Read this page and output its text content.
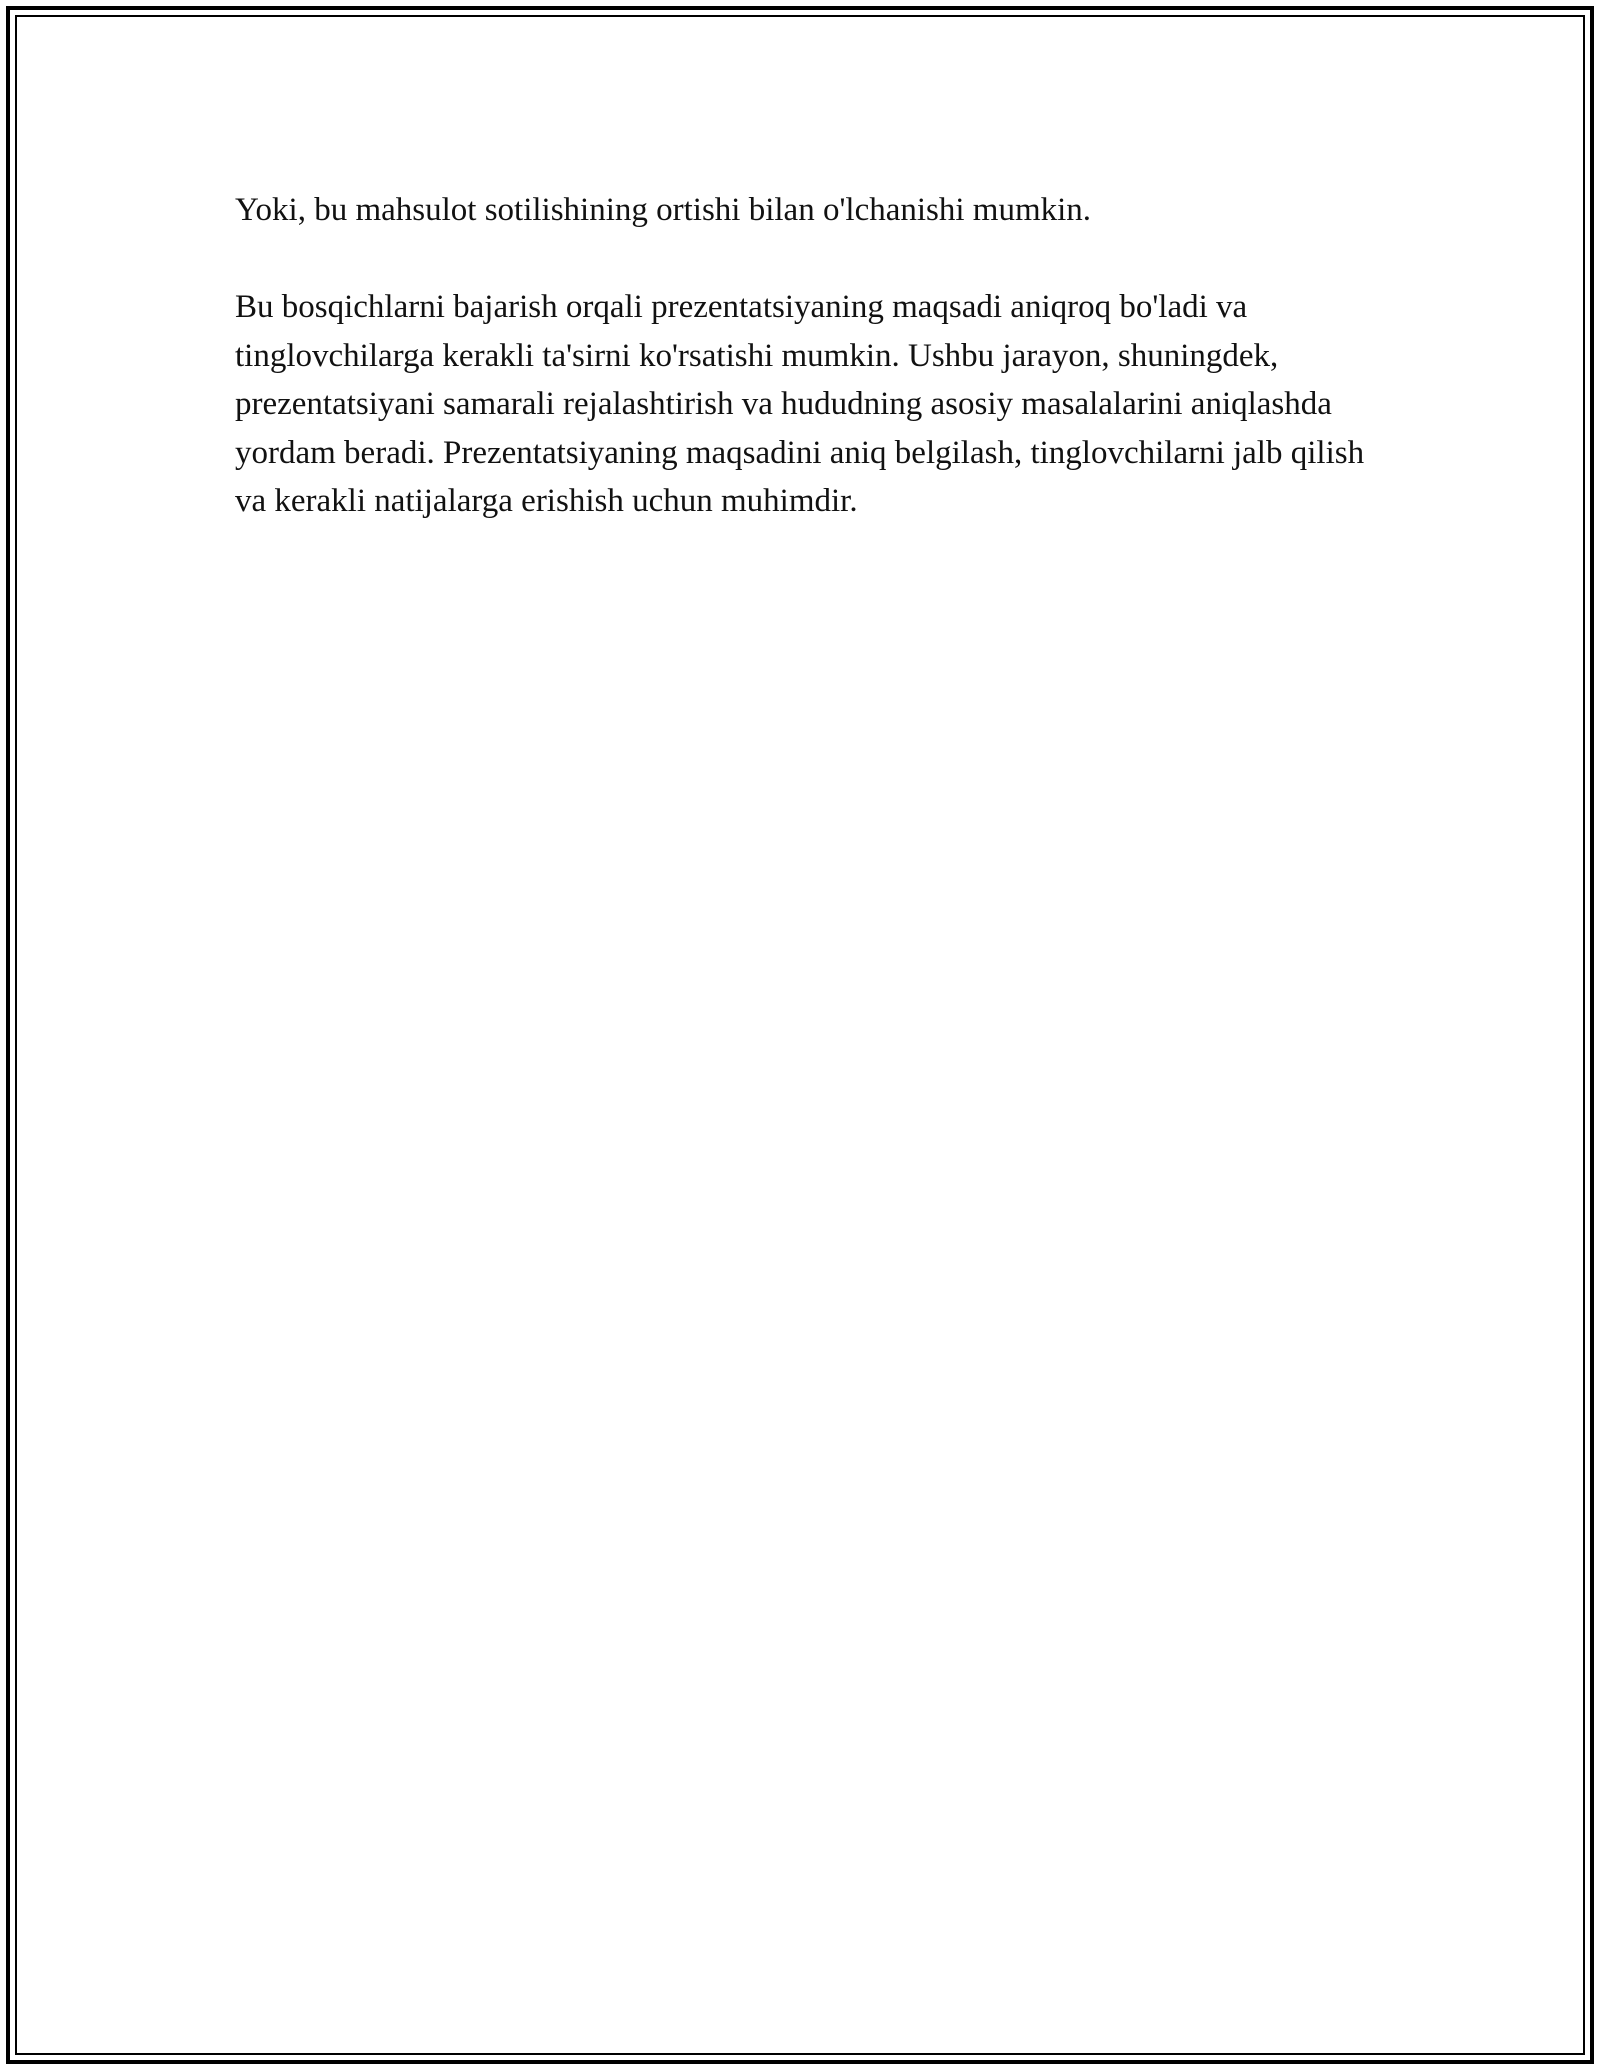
Yoki, bu mahsulot sotilishining ortishi bilan o'lchanishi mumkin.

Bu bosqichlarni bajarish orqali prezentatsiyaning maqsadi aniqroq bo'ladi va tinglovchilarga kerakli ta'sirni ko'rsatishi mumkin. Ushbu jarayon, shuningdek, prezentatsiyani samarali rejalashtirish va hududning asosiy masalalarini aniqlashda yordam beradi. Prezentatsiyaning maqsadini aniq belgilash, tinglovchilarni jalb qilish va kerakli natijalarga erishish uchun muhimdir.
